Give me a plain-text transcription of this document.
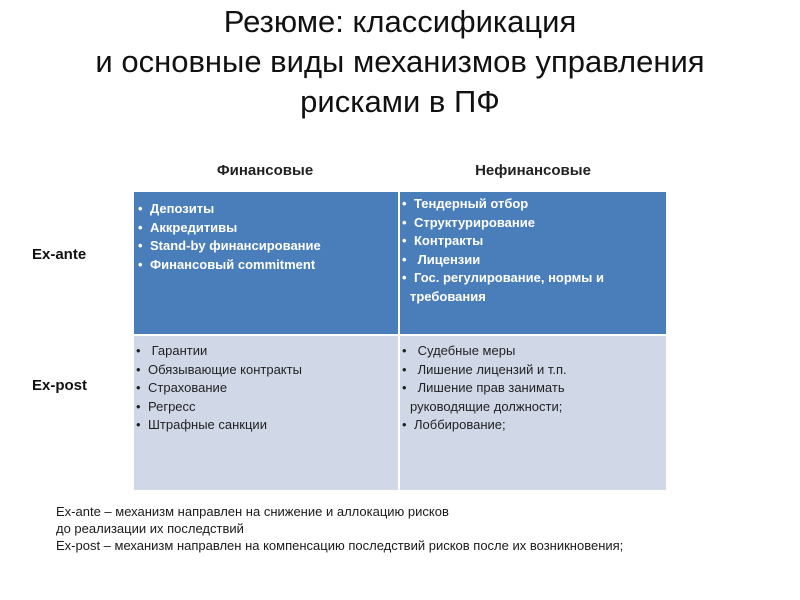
Резюме: классификация
и основные виды механизмов управления
рисками в ПФ
Финансовые	Нефинансовые
Ex-ante
Ex-post
• Депозиты
• Аккредитивы
• Stand-by финансирование
• Финансовый commitment
• Тендерный отбор
• Структурирование
• Контракты
• Лицензии
• Гос. регулирование, нормы и
требования
• Гарантии
• Обязывающие контракты
• Страхование
• Регресс
• Штрафные санкции
• Судебные меры
• Лишение лицензий и т.п.
• Лишение прав занимать
руководящие должности;
• Лоббирование;
Ex-ante – механизм направлен на снижение и аллокацию рисков
до реализации их последствий
Ex-post – механизм направлен на компенсацию последствий рисков после их возникновения;
